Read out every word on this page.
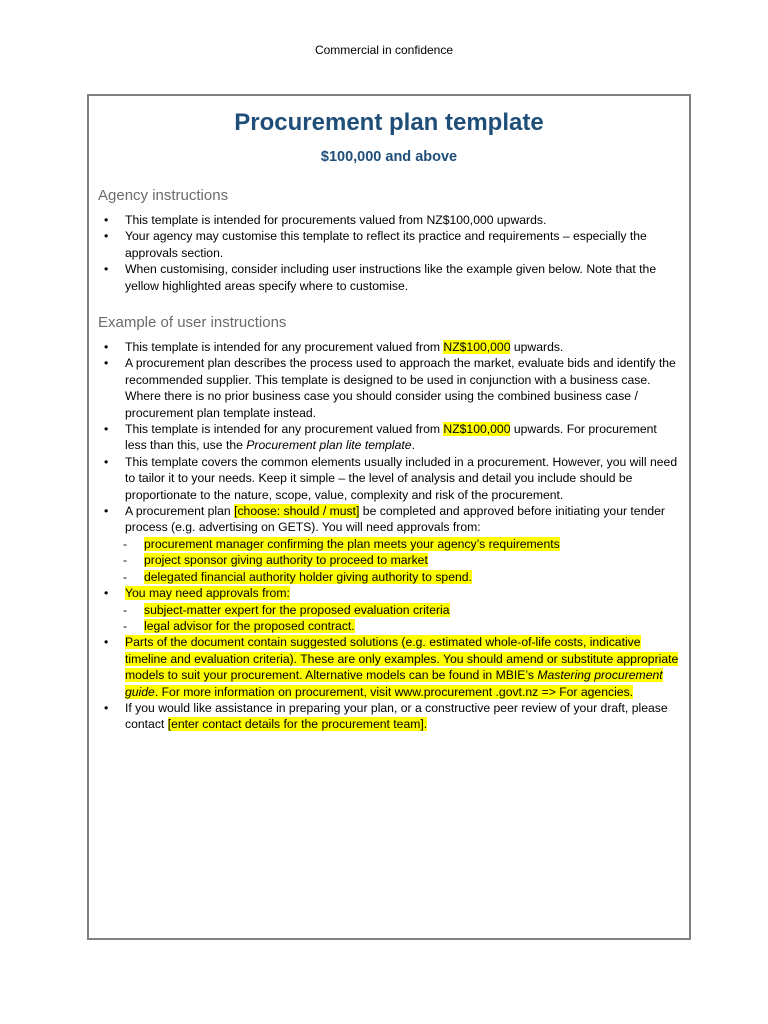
Commercial in confidence
Procurement plan template
$100,000 and above
Agency instructions
•	This template is intended for procurements valued from NZ$100,000 upwards.
•	Your agency may customise this template to reflect its practice and requirements – especially the approvals section.
•	When customising, consider including user instructions like the example given below. Note that the yellow highlighted areas specify where to customise.
Example of user instructions
•	This template is intended for any procurement valued from NZ$100,000 upwards.
•	A procurement plan describes the process used to approach the market, evaluate bids and identify the recommended supplier. This template is designed to be used in conjunction with a business case. Where there is no prior business case you should consider using the combined business case / procurement plan template instead.
•	This template is intended for any procurement valued from NZ$100,000 upwards. For procurement less than this, use the Procurement plan lite template.
•	This template covers the common elements usually included in a procurement. However, you will need to tailor it to your needs. Keep it simple – the level of analysis and detail you include should be proportionate to the nature, scope, value, complexity and risk of the procurement.
•	A procurement plan [choose: should / must] be completed and approved before initiating your tender process (e.g. advertising on GETS). You will need approvals from:
- procurement manager confirming the plan meets your agency’s requirements
- project sponsor giving authority to proceed to market
- delegated financial authority holder giving authority to spend.
•	You may need approvals from:
- subject-matter expert for the proposed evaluation criteria
- legal advisor for the proposed contract.
•	Parts of the document contain suggested solutions (e.g. estimated whole-of-life costs, indicative timeline and evaluation criteria). These are only examples. You should amend or substitute appropriate models to suit your procurement. Alternative models can be found in MBIE’s Mastering procurement guide. For more information on procurement, visit www.procurement .govt.nz => For agencies.
•	If you would like assistance in preparing your plan, or a constructive peer review of your draft, please contact [enter contact details for the procurement team].
